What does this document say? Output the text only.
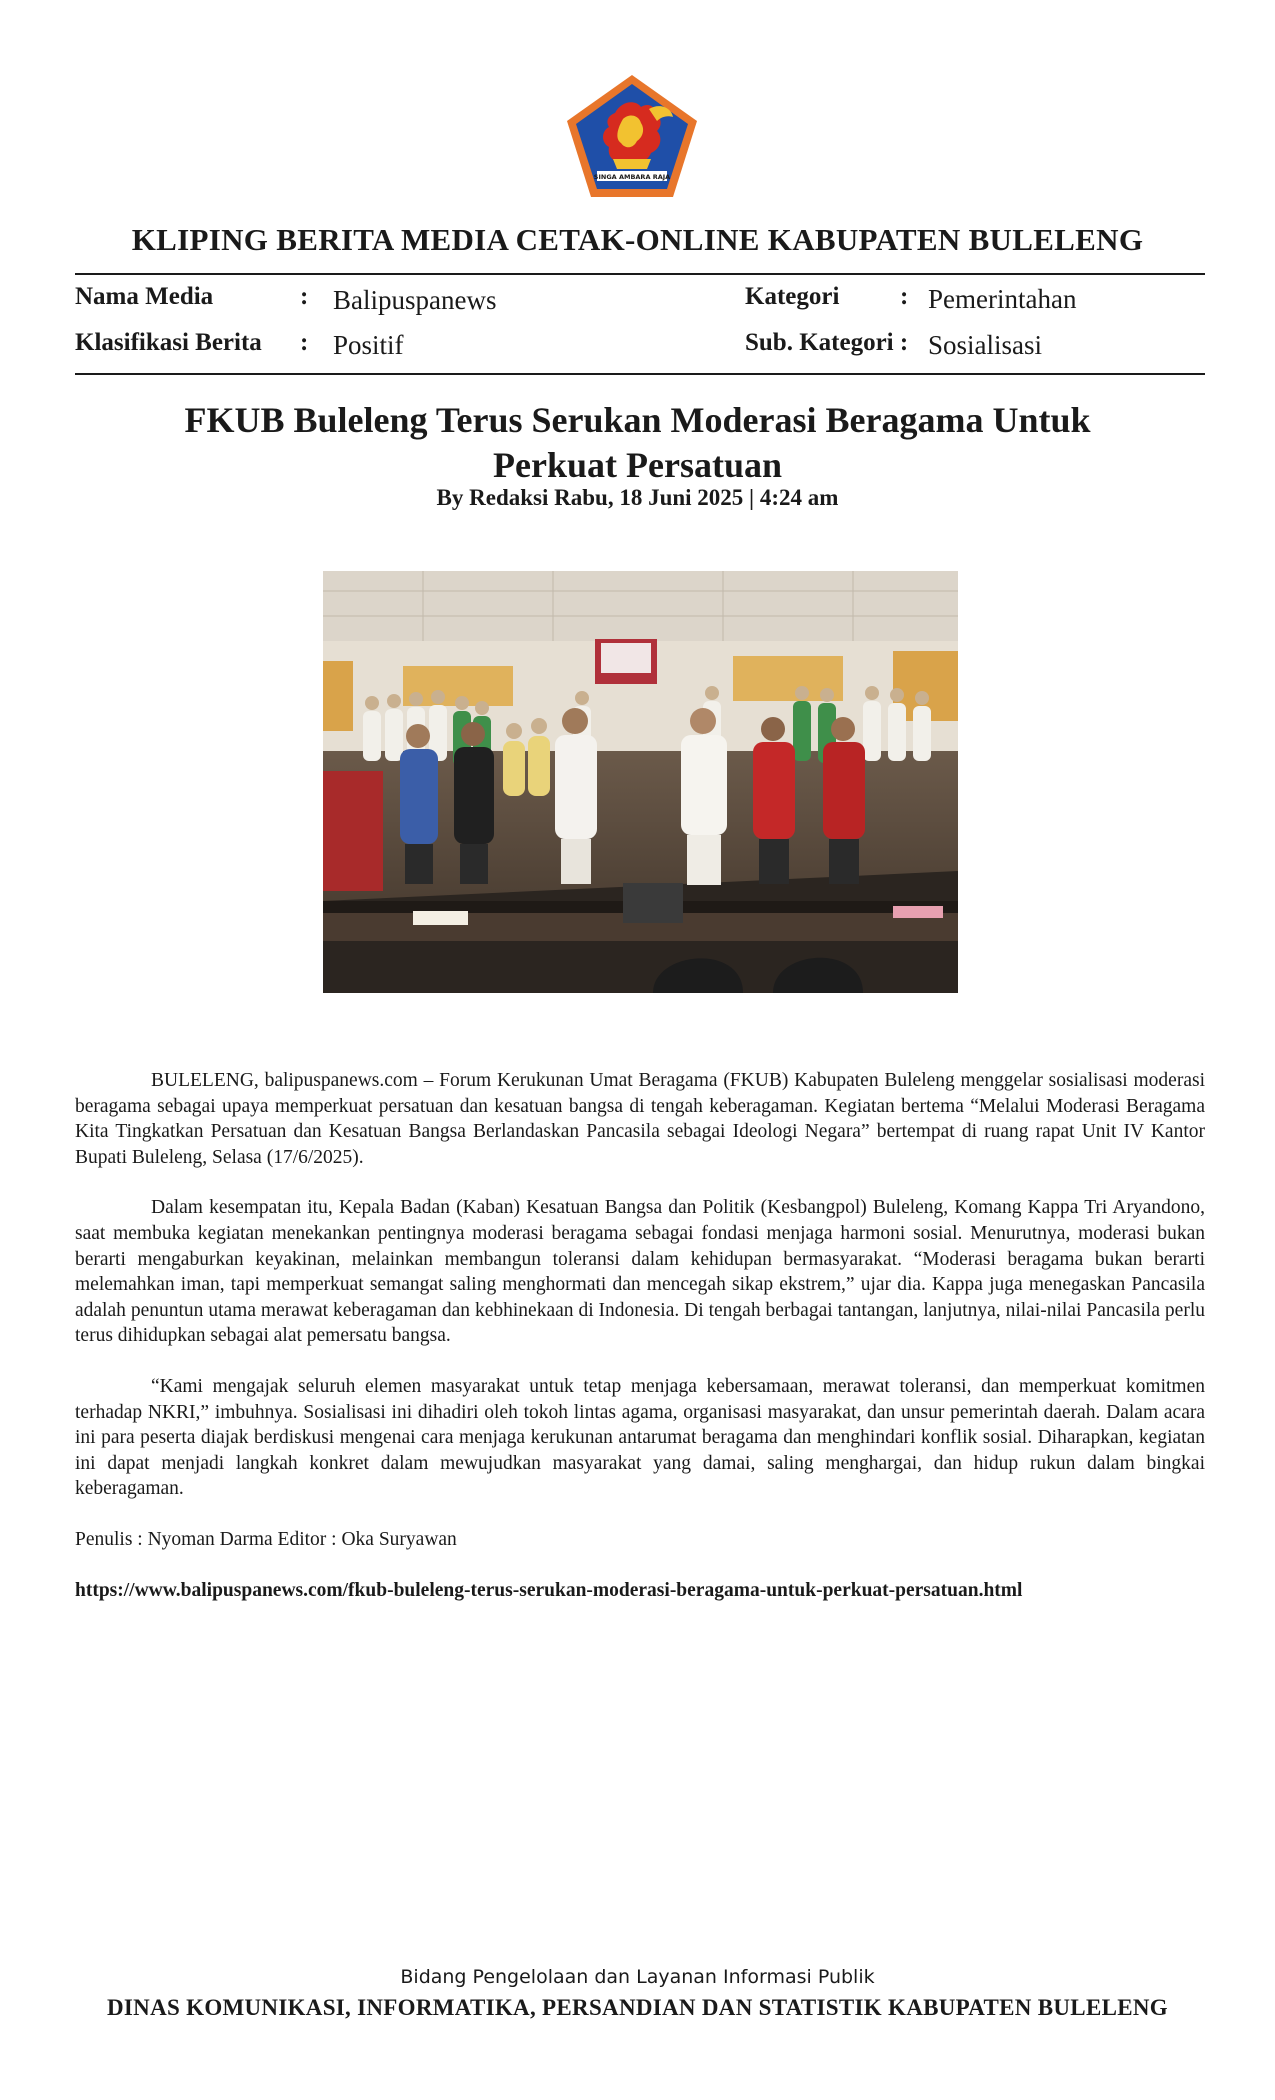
SINGA AMBARA RAJA
KLIPING BERITA MEDIA CETAK-ONLINE KABUPATEN BULELENG
Nama Media	: Balipuspanews	Kategori : Pemerintahan
Klasifikasi Berita : Positif	Sub. Kategori : Sosialisasi
FKUB Buleleng Terus Serukan Moderasi Beragama Untuk
Perkuat Persatuan
By Redaksi Rabu, 18 Juni 2025 | 4:24 am

BULELENG, balipuspanews.com – Forum Kerukunan Umat Beragama (FKUB) Kabupaten Buleleng menggelar sosialisasi moderasi beragama sebagai upaya memperkuat persatuan dan kesatuan bangsa di tengah keberagaman. Kegiatan bertema “Melalui Moderasi Beragama Kita Tingkatkan Persatuan dan Kesatuan Bangsa Berlandaskan Pancasila sebagai Ideologi Negara” bertempat di ruang rapat Unit IV Kantor Bupati Buleleng, Selasa (17/6/2025).

Dalam kesempatan itu, Kepala Badan (Kaban) Kesatuan Bangsa dan Politik (Kesbangpol) Buleleng, Komang Kappa Tri Aryandono, saat membuka kegiatan menekankan pentingnya moderasi beragama sebagai fondasi menjaga harmoni sosial. Menurutnya, moderasi bukan berarti mengaburkan keyakinan, melainkan membangun toleransi dalam kehidupan bermasyarakat. “Moderasi beragama bukan berarti melemahkan iman, tapi memperkuat semangat saling menghormati dan mencegah sikap ekstrem,” ujar dia. Kappa juga menegaskan Pancasila adalah penuntun utama merawat keberagaman dan kebhinekaan di Indonesia. Di tengah berbagai tantangan, lanjutnya, nilai-nilai Pancasila perlu terus dihidupkan sebagai alat pemersatu bangsa.

“Kami mengajak seluruh elemen masyarakat untuk tetap menjaga kebersamaan, merawat toleransi, dan memperkuat komitmen terhadap NKRI,” imbuhnya. Sosialisasi ini dihadiri oleh tokoh lintas agama, organisasi masyarakat, dan unsur pemerintah daerah. Dalam acara ini para peserta diajak berdiskusi mengenai cara menjaga kerukunan antarumat beragama dan menghindari konflik sosial. Diharapkan, kegiatan ini dapat menjadi langkah konkret dalam mewujudkan masyarakat yang damai, saling menghargai, dan hidup rukun dalam bingkai keberagaman.

Penulis : Nyoman Darma Editor : Oka Suryawan
https://www.balipuspanews.com/fkub-buleleng-terus-serukan-moderasi-beragama-untuk-perkuat-persatuan.html
Bidang Pengelolaan dan Layanan Informasi Publik
DINAS KOMUNIKASI, INFORMATIKA, PERSANDIAN DAN STATISTIK KABUPATEN BULELENG
